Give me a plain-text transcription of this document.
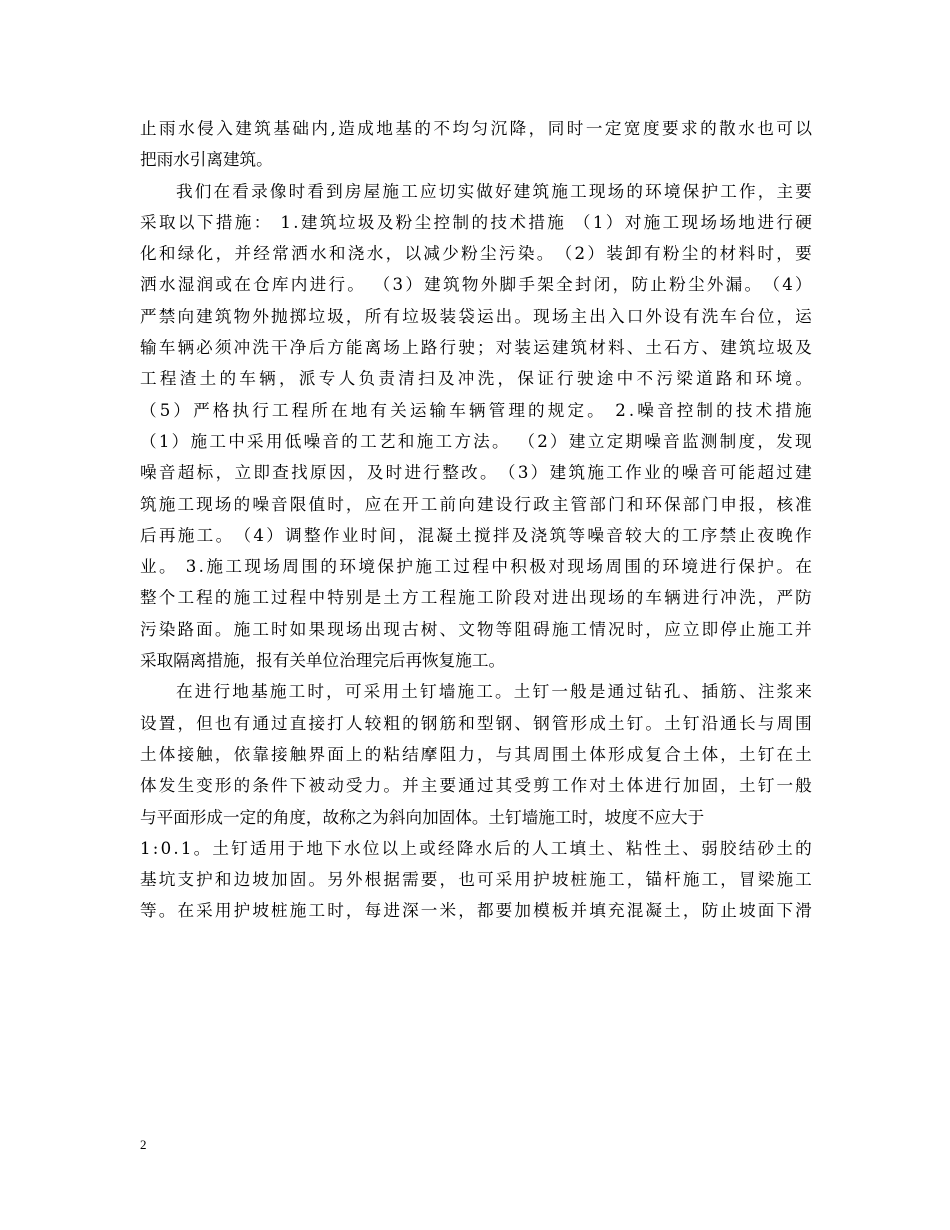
止 雨 水 侵 入 建 筑 基 础 内 , 造 成 地 基 的 不 均 匀 沉 降 ， 同 时 一 定 宽 度 要 求 的 散 水 也 可 以
把雨水引离建筑。
我 们 在 看 录 像 时 看 到 房 屋 施 工 应 切 实 做 好 建 筑 施 工 现 场 的 环 境 保 护 工 作 ， 主 要
采 取 以 下 措 施 ：
1 . 建 筑 垃 圾 及 粉 尘 控 制 的 技 术 措 施
（ 1 ） 对 施 工 现 场 场 地 进 行 硬
化 和 绿 化 ， 并 经 常 洒 水 和 浇 水 ， 以 减 少 粉 尘 污 染 。 （ 2 ） 装 卸 有 粉 尘 的 材 料 时 ， 要
洒 水 湿 润 或 在 仓 库 内 进 行 。
（ 3 ） 建 筑 物 外 脚 手 架 全 封 闭 ， 防 止 粉 尘 外 漏 。 （ 4 ）
严 禁 向 建 筑 物 外 抛 掷 垃 圾 ， 所 有 垃 圾 装 袋 运 出 。 现 场 主 出 入 口 外 设 有 洗 车 台 位 ， 运
输 车 辆 必 须 冲 洗 干 净 后 方 能 离 场 上 路 行 驶 ； 对 装 运 建 筑 材 料 、 土 石 方 、 建 筑 垃 圾 及
工 程 渣 土 的 车 辆 ， 派 专 人 负 责 清 扫 及 冲 洗 ， 保 证 行 驶 途 中 不 污 梁 道 路 和 环 境 。
（ 5 ） 严 格 执 行 工 程 所 在 地 有 关 运 输 车 辆 管 理 的 规 定 。
2 . 噪 音 控 制 的 技 术 措 施
（ 1 ） 施 工 中 采 用 低 噪 音 的 工 艺 和 施 工 方 法 。
（ 2 ） 建 立 定 期 噪 音 监 测 制 度 ， 发 现
噪 音 超 标 ， 立 即 查 找 原 因 ， 及 时 进 行 整 改 。 （ 3 ） 建 筑 施 工 作 业 的 噪 音 可 能 超 过 建
筑 施 工 现 场 的 噪 音 限 值 时 ， 应 在 开 工 前 向 建 设 行 政 主 管 部 门 和 环 保 部 门 申 报 ， 核 准
后 再 施 工 。 （ 4 ） 调 整 作 业 时 间 ， 混 凝 土 搅 拌 及 浇 筑 等 噪 音 较 大 的 工 序 禁 止 夜 晚 作
业 。
3 . 施 工 现 场 周 围 的 环 境 保 护 施 工 过 程 中 积 极 对 现 场 周 围 的 环 境 进 行 保 护 。 在
整 个 工 程 的 施 工 过 程 中 特 别 是 土 方 工 程 施 工 阶 段 对 进 出 现 场 的 车 辆 进 行 冲 洗 ， 严 防
污 染 路 面 。 施 工 时 如 果 现 场 出 现 古 树 、 文 物 等 阻 碍 施 工 情 况 时 ， 应 立 即 停 止 施 工 并
采取隔离措施，报有关单位治理完后再恢复施工。
在 进 行 地 基 施 工 时 ， 可 采 用 土 钉 墙 施 工 。 土 钉 一 般 是 通 过 钻 孔 、 插 筋 、 注 浆 来
设 置 ， 但 也 有 通 过 直 接 打 人 较 粗 的 钢 筋 和 型 钢 、 钢 管 形 成 土 钉 。 土 钉 沿 通 长 与 周 围
土 体 接 触 ， 依 靠 接 触 界 面 上 的 粘 结 摩 阻 力 ， 与 其 周 围 土 体 形 成 复 合 土 体 ， 土 钉 在 土
体 发 生 变 形 的 条 件 下 被 动 受 力 。 并 主 要 通 过 其 受 剪 工 作 对 土 体 进 行 加 固 ， 土 钉 一 般
与平面形成一定的角度，故称之为斜向加固体。土钉墙施工时，坡度不应大于
1 : 0 . 1 。 土 钉 适 用 于 地 下 水 位 以 上 或 经 降 水 后 的 人 工 填 土 、 粘 性 土 、 弱 胶 结 砂 土 的
基 坑 支 护 和 边 坡 加 固 。 另 外 根 据 需 要 ， 也 可 采 用 护 坡 桩 施 工 ， 锚 杆 施 工 ， 冒 梁 施 工
等 。 在 采 用 护 坡 桩 施 工 时 ， 每 进 深 一 米 ， 都 要 加 模 板 并 填 充 混 凝 土 ， 防 止 坡 面 下 滑
2
